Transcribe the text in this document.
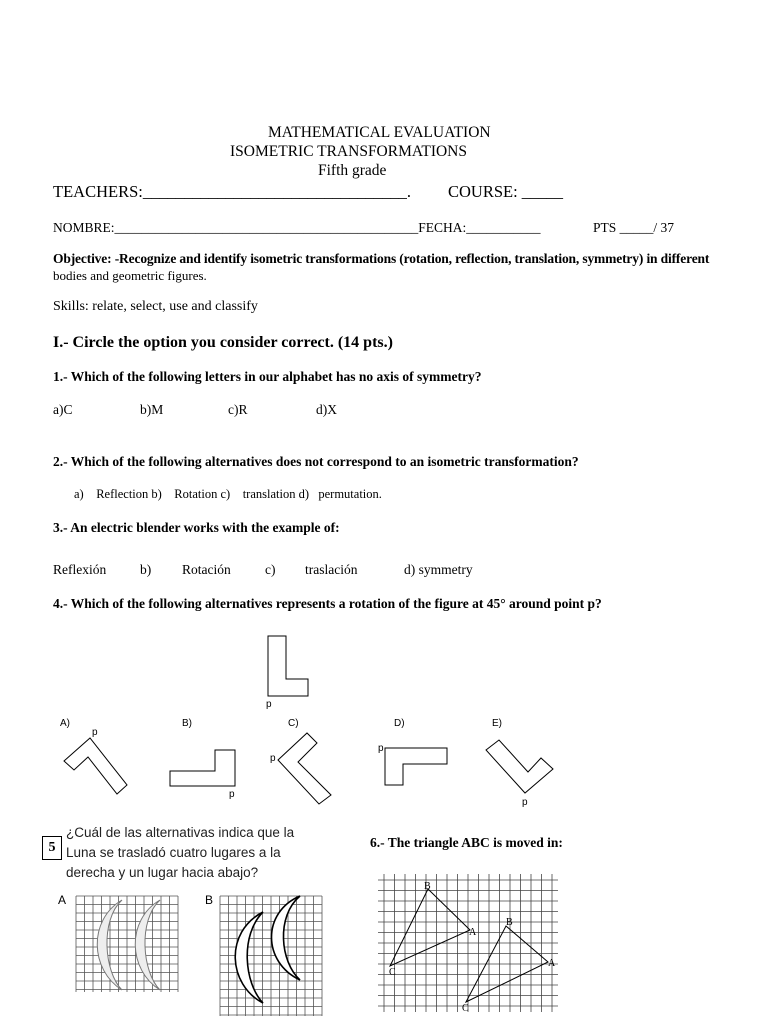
MATHEMATICAL EVALUATION
ISOMETRIC TRANSFORMATIONS
Fifth grade
TEACHERS:________________________________. COURSE: _____
NOMBRE:_____________________________________________FECHA:___________	PTS _____/ 37
Objective: -Recognize and identify isometric transformations (rotation, reflection, translation, symmetry) in different
bodies and geometric figures.
Skills: relate, select, use and classify
I.- Circle the option you consider correct. (14 pts.)
1.- Which of the following letters in our alphabet has no axis of symmetry?
a)C	b)M	c)R	d)X
2.- Which of the following alternatives does not correspond to an isometric transformation?
a)    Reflection b)    Rotation c)    translation d)   permutation.
3.- An electric blender works with the example of:
Reflexión	b) Rotación	c) traslación	d) symmetry
4.- Which of the following alternatives represents a rotation of the figure at 45° around point p?
p
A)
p
B)
p
C)
p
D)
p
E)
p
5
¿Cuál de las alternativas indica que la
Luna se trasladó cuatro lugares a la
derecha y un lugar hacia abajo?
A	B
6.- The triangle ABC is moved in:
B
A
C
B
A
C
